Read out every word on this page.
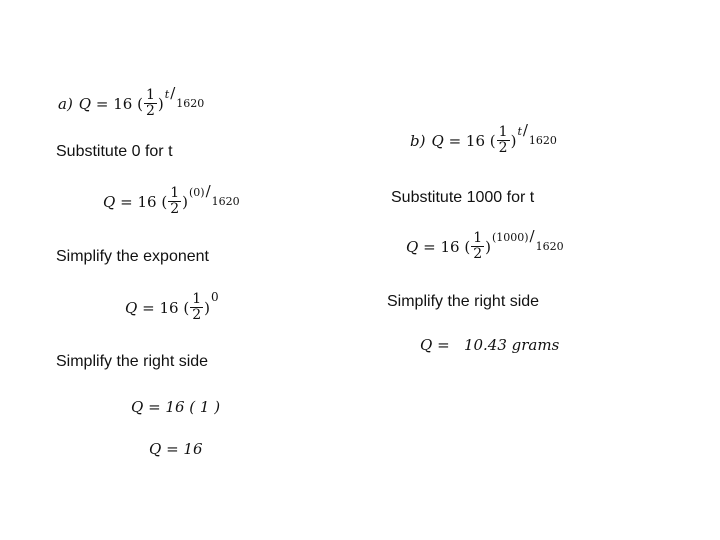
a) Q
=
16
( $\frac{1}{2}$ ) t /
1620
Substitute 0 for t
Q
=
16
( $\frac{1}{2}$ ) (0) /
1620
Simplify the exponent
Q
=
16
( $\frac{1}{2}$ )
0
Simplify the right side
Q = 16 ( 1 )
Q = 16
b) Q
=
16
( $\frac{1}{2}$ ) t /
1620
Substitute 1000 for t
Q
=
16
( $\frac{1}{2}$ ) (1000) /
1620
Simplify the right side
Q =   10.43 grams
